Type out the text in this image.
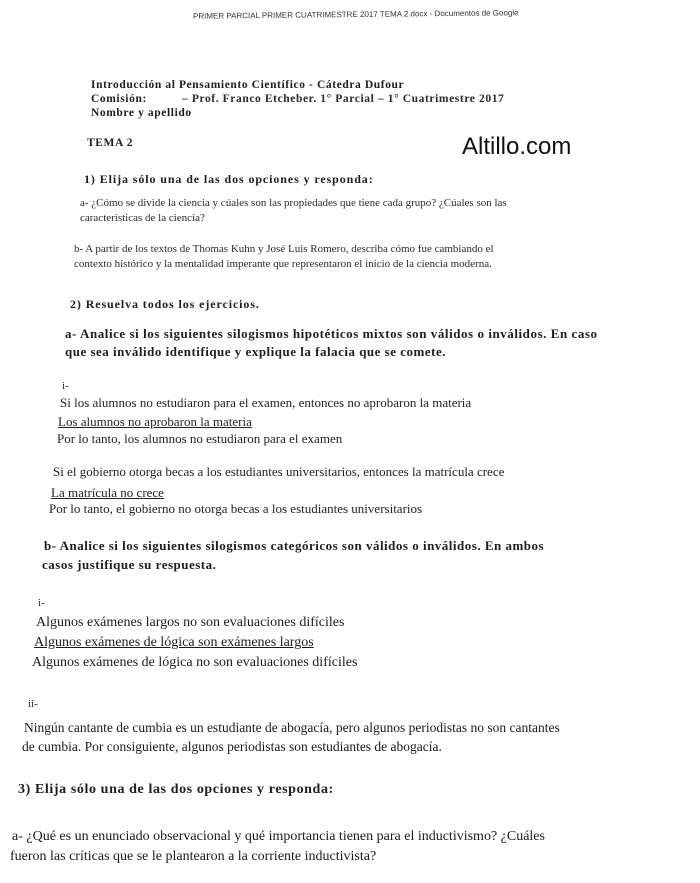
PRIMER PARCIAL PRIMER CUATRIMESTRE 2017 TEMA 2.docx - Documentos de Google
Altillo.com
Introducción al Pensamiento Científico - Cátedra Dufour
Comisión:	– Prof. Franco Etcheber. 1° Parcial – 1° Cuatrimestre 2017
Nombre y apellido
TEMA 2
1) Elija sólo una de las dos opciones y responda:
a- ¿Cómo se divide la ciencia y cúales son las propiedades que tiene cada grupo? ¿Cúales son las
características de la ciencia?
b- A partir de los textos de Thomas Kuhn y José Luis Romero, describa cómo fue cambiando el
contexto histórico y la mentalidad imperante que representaron el inicio de la ciencia moderna.
2) Resuelva todos los ejercicios.
a- Analice si los siguientes silogismos hipotéticos mixtos son válidos o inválidos. En caso
que sea inválido identifique y explique la falacia que se comete.
i-
Si los alumnos no estudiaron para el examen, entonces no aprobaron la materia
Los alumnos no aprobaron la materia
Por lo tanto, los alumnos no estudiaron para el examen
Si el gobierno otorga becas a los estudiantes universitarios, entonces la matrícula crece
La matrícula no crece
Por lo tanto, el gobierno no otorga becas a los estudiantes universitarios
b- Analice si los siguientes silogismos categóricos son válidos o inválidos. En ambos
casos justifique su respuesta.
i-
Algunos exámenes largos no son evaluaciones difíciles
Algunos exámenes de lógica son exámenes largos
Algunos exámenes de lógica no son evaluaciones difíciles
ii-
Ningún cantante de cumbia es un estudiante de abogacía, pero algunos periodistas no son cantantes
de cumbia. Por consiguiente, algunos periodistas son estudiantes de abogacía.
3) Elija sólo una de las dos opciones y responda:
a- ¿Qué es un enunciado observacional y qué importancia tienen para el inductivismo? ¿Cuáles
fueron las críticas que se le plantearon a la corriente inductivista?
